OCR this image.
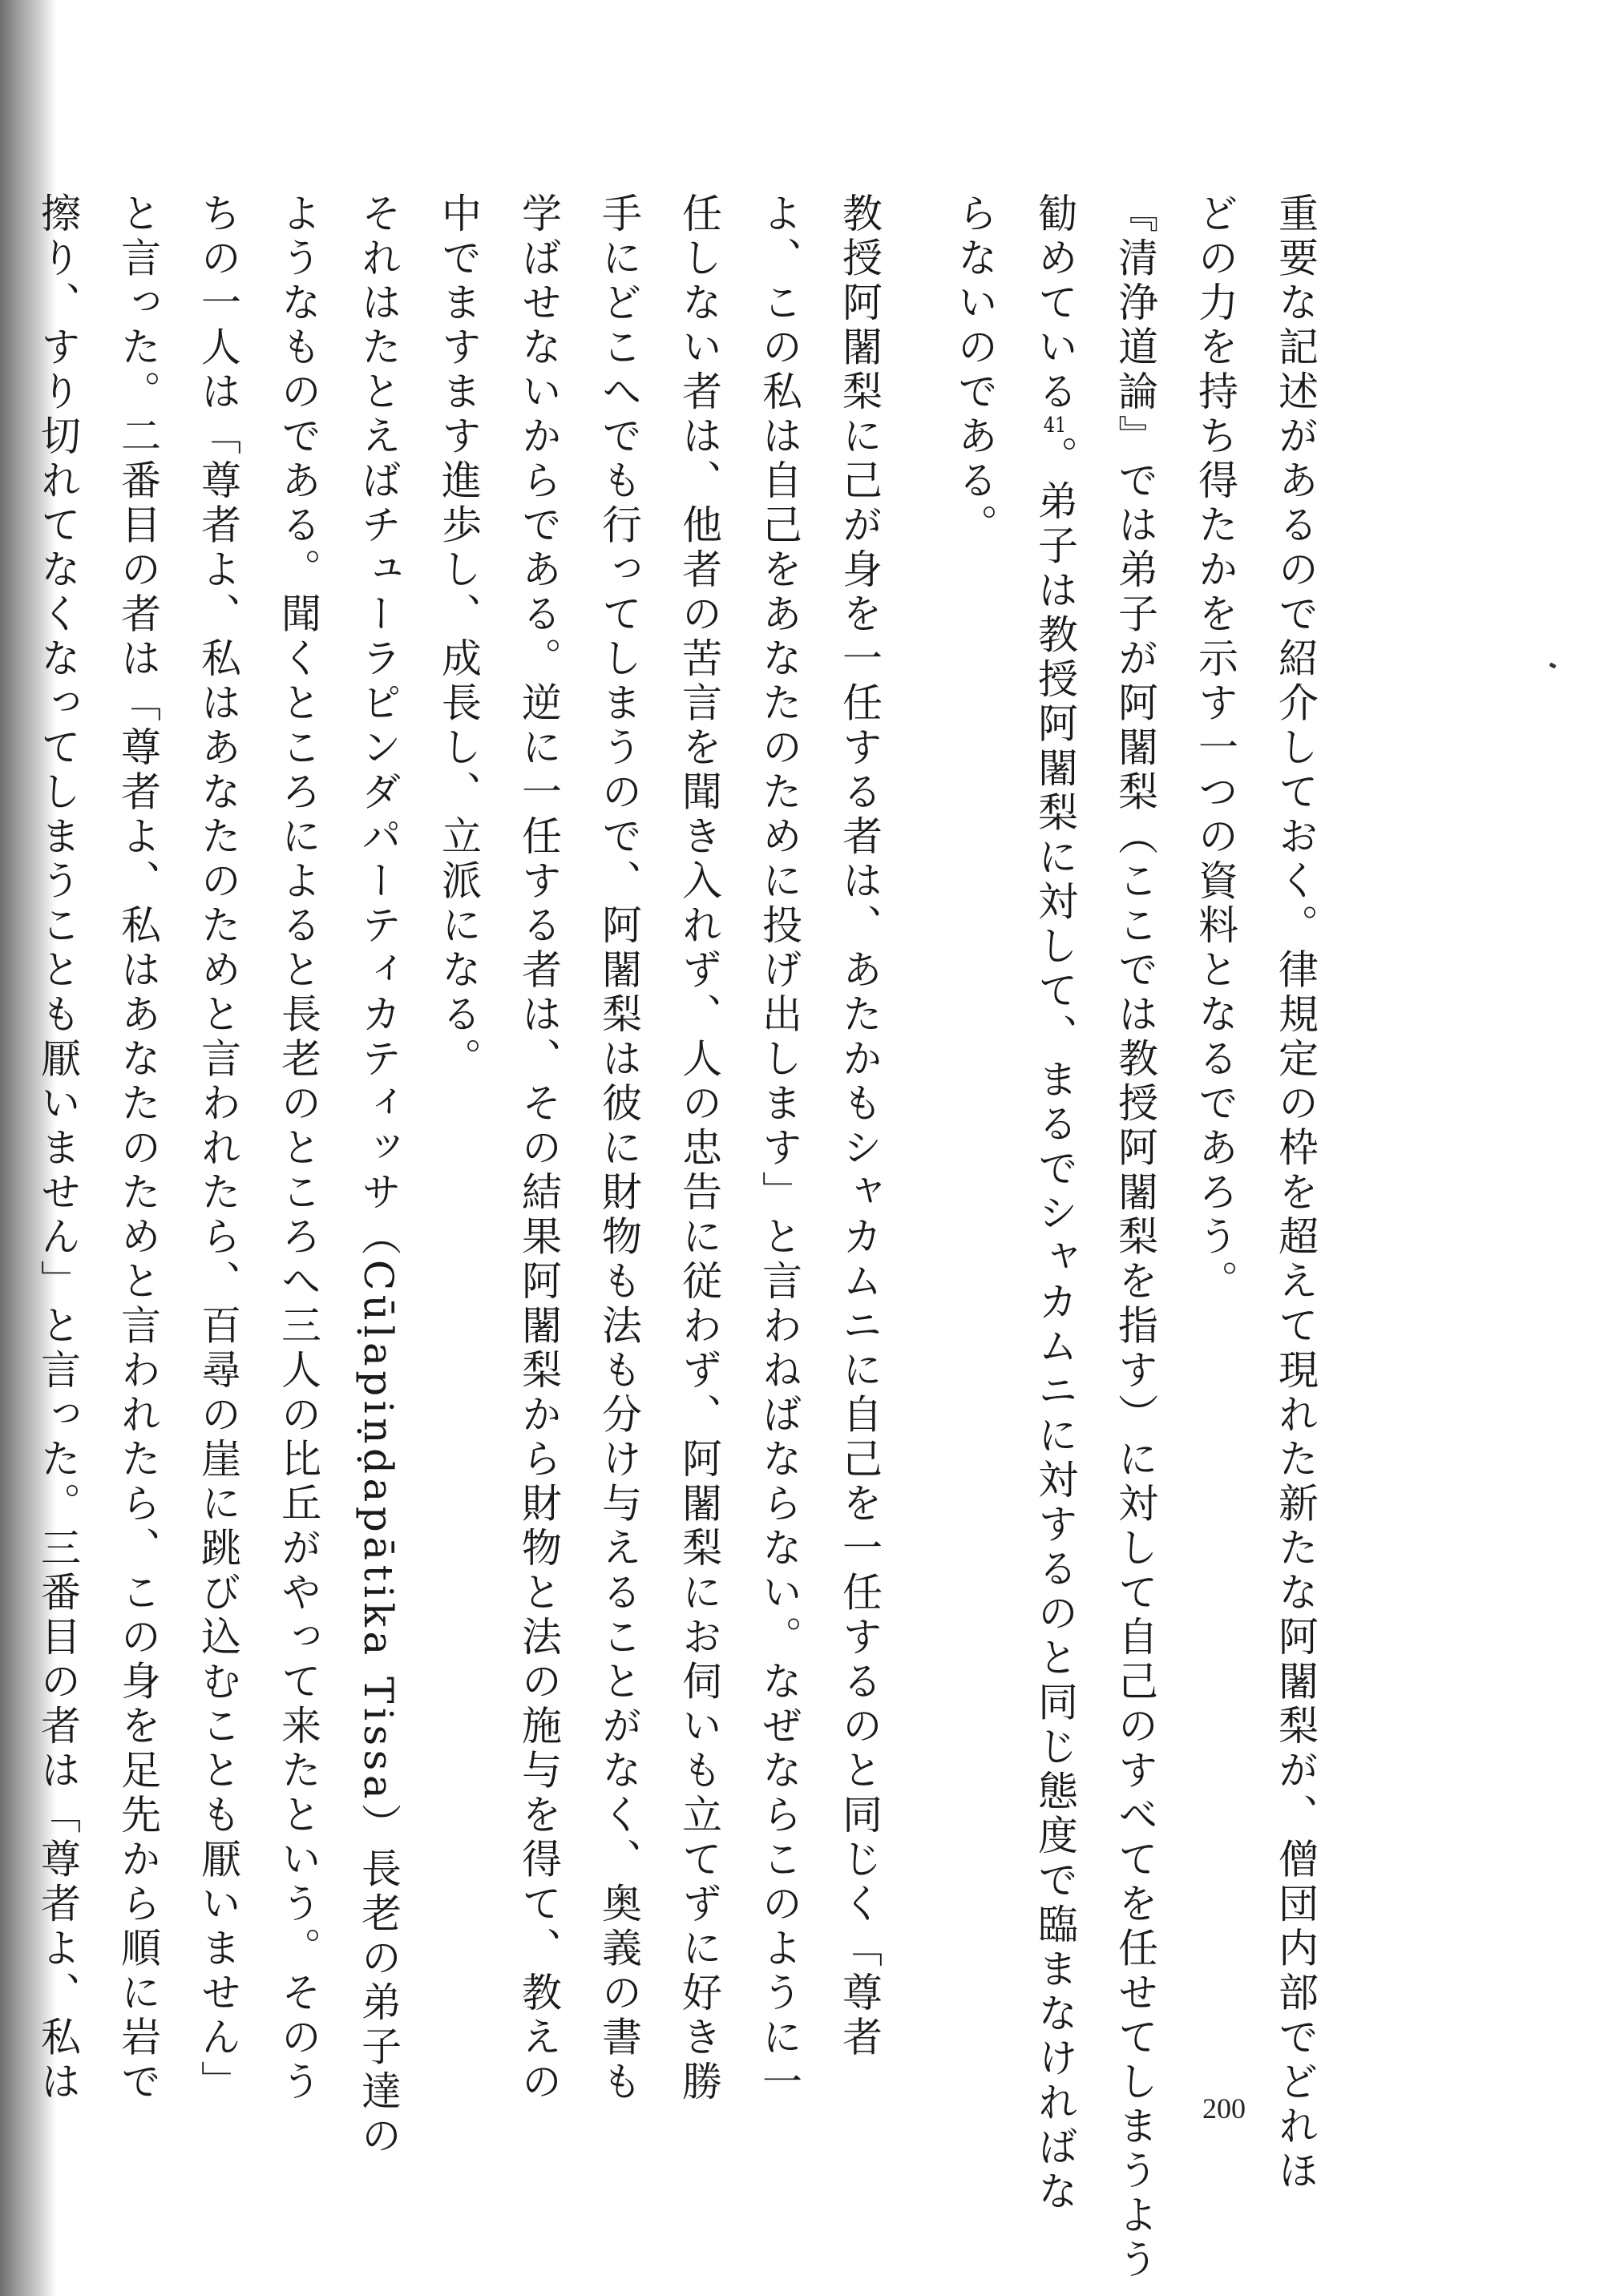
重要な記述があるので紹介しておく。律規定の枠を超えて現れた新たな阿闍梨が、僧団内部でどれほ
どの力を持ち得たかを示す一つの資料となるであろう。
『清浄道論』では弟子が阿闍梨（ここでは教授阿闍梨を指す）に対して自己のすべてを任せてしまうよう
勧めている41。弟子は教授阿闍梨に対して、まるでシャカムニに対するのと同じ態度で臨まなければな
らないのである。
教授阿闍梨に己が身を一任する者は、あたかもシャカムニに自己を一任するのと同じく「尊者
よ、この私は自己をあなたのために投げ出します」と言わねばならない。なぜならこのように一
任しない者は、他者の苦言を聞き入れず、人の忠告に従わず、阿闍梨にお伺いも立てずに好き勝
手にどこへでも行ってしまうので、阿闍梨は彼に財物も法も分け与えることがなく、奥義の書も
学ばせないからである。逆に一任する者は、その結果阿闍梨から財物と法の施与を得て、教えの
中でますます進歩し、成長し、立派になる。
それはたとえばチューラピンダパーティカティッサ（Cūḷapiṇḍapātika Tissa）長老の弟子達の
ようなものである。聞くところによると長老のところへ三人の比丘がやって来たという。そのう
ちの一人は「尊者よ、私はあなたのためと言われたら、百尋の崖に跳び込むことも厭いません」
と言った。二番目の者は「尊者よ、私はあなたのためと言われたら、この身を足先から順に岩で
擦り、すり切れてなくなってしまうことも厭いません」と言った。三番目の者は「尊者よ、私は
200
